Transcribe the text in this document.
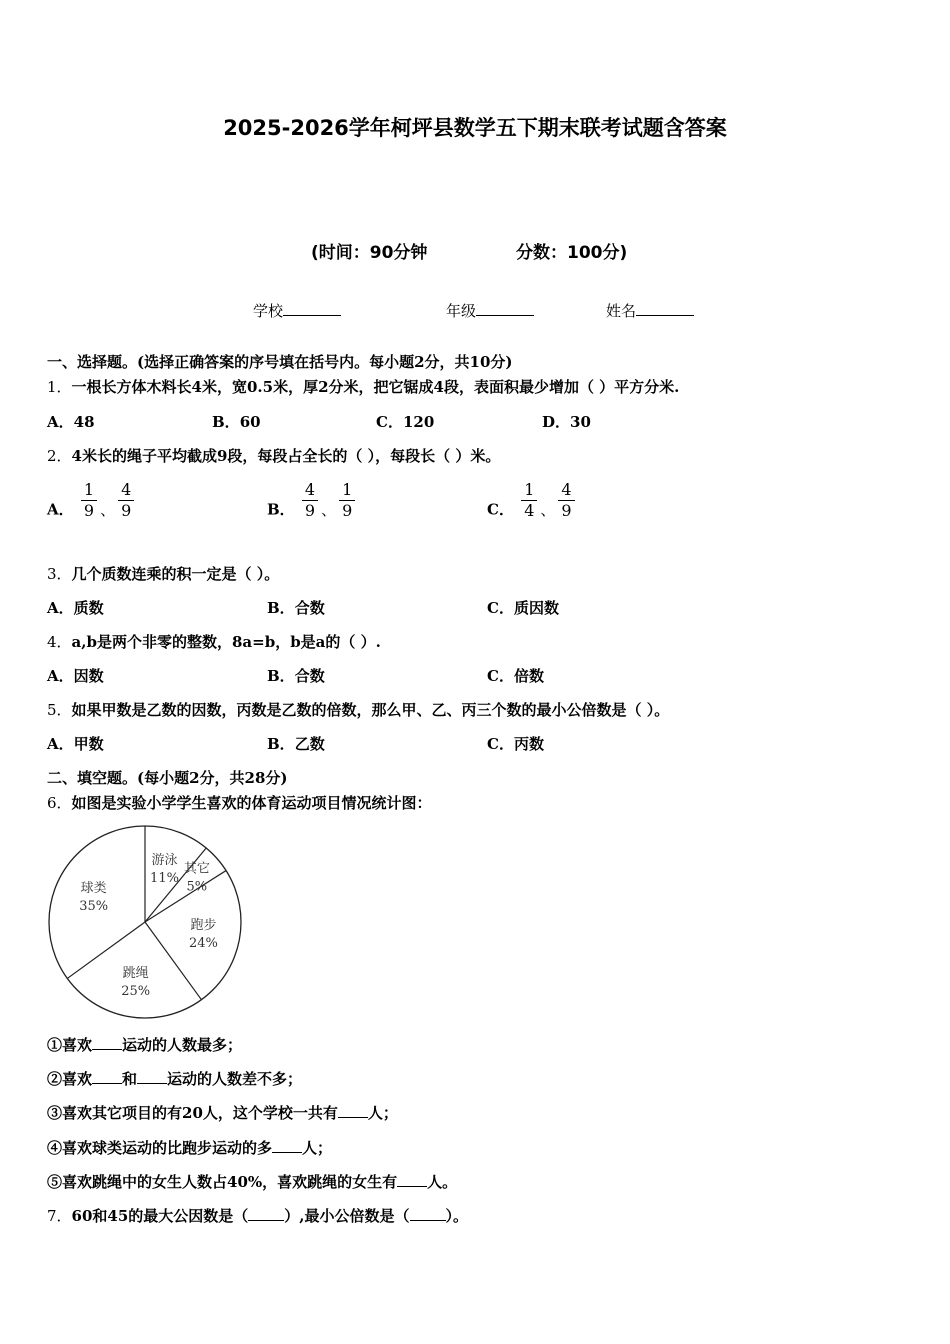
2025-2026学年柯坪县数学五下期末联考试题含答案
(时间：90分钟	分数：100分)
学校	年级	姓名
一、选择题。(选择正确答案的序号填在括号内。每小题2分，共10分)
1．一根长方体木料长4米，宽0.5米，厚2分米，把它锯成4段，表面积最少增加（ ）平方分米.
A．48	B．60	C．120	D．30
2．4米长的绳子平均截成9段，每段占全长的（ ），每段长（ ）米。
A． $\frac{1}{9}$ 、 $\frac{4}{9}$	B． $\frac{4}{9}$ 、 $\frac{1}{9}$	C． $\frac{1}{4}$ 、 $\frac{4}{9}$
3．几个质数连乘的积一定是（ ）。
A．质数	B．合数	C．质因数
4．a,b是两个非零的整数，8a=b，b是a的（ ）.
A．因数	B．合数	C．倍数
5．如果甲数是乙数的因数，丙数是乙数的倍数，那么甲、乙、丙三个数的最小公倍数是（ ）。
A．甲数	B．乙数	C．丙数
二、填空题。(每小题2分，共28分)
6．如图是实验小学学生喜欢的体育运动项目情况统计图：
游泳
11%
其它
5%
跑步
24%
跳绳
25%
球类
35%
①喜欢 运动的人数最多；
②喜欢 和 运动的人数差不多；
③喜欢其它项目的有20人，这个学校一共有 人；
④喜欢球类运动的比跑步运动的多 人；
⑤喜欢跳绳中的女生人数占40%，喜欢跳绳的女生有 人。
7．60和45的最大公因数是（ ）,最小公倍数是（ ）。
